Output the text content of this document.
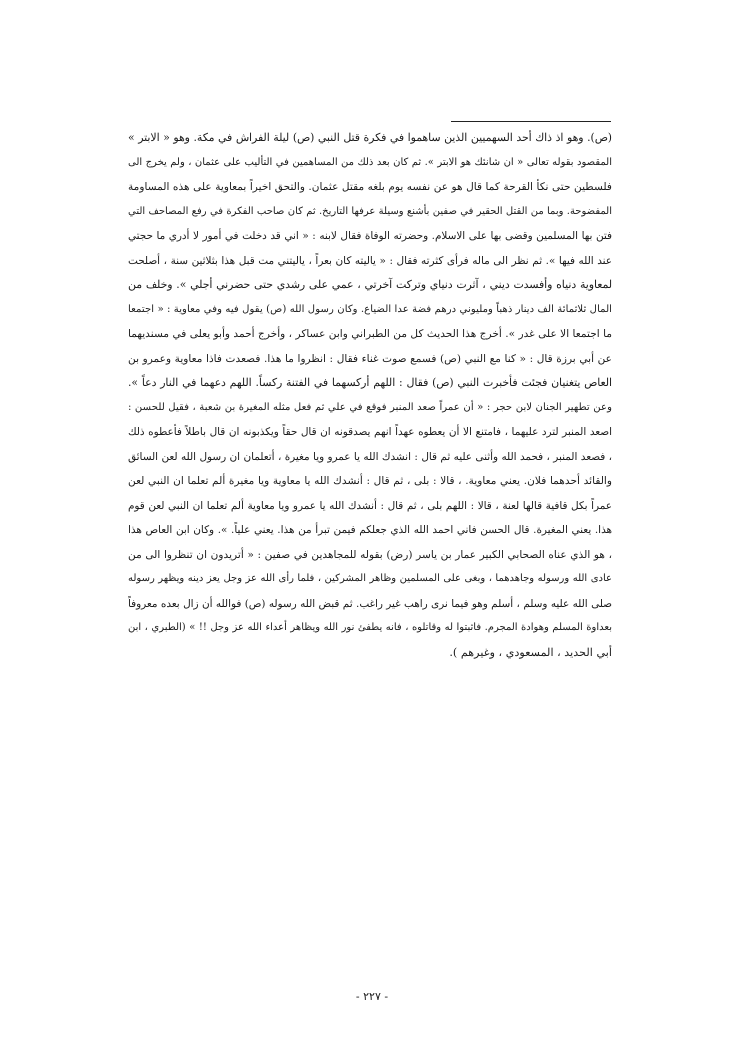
(ص). وهو اذ ذاك أحد السهميين الذين ساهموا في فكرة قتل النبي (ص) ليلة الفراش في مكة. وهو « الابتر »
المقصود بقوله تعالى « ان شانئك هو الابتر ». ثم كان بعد ذلك من المساهمين في التأليب على عثمان ، ولم يخرج الى
فلسطين حتى نكأ القرحة كما قال هو عن نفسه يوم بلغه مقتل عثمان. والتحق اخيراً بمعاوية على هذه المساومة
المفضوحة. وبما من القتل الحقير في صفين بأشنع وسيلة عرفها التاريخ. ثم كان صاحب الفكرة في رفع المصاحف التي
فتن بها المسلمين وقضى بها على الاسلام. وحضرته الوفاة فقال لابنه : « اني قد دخلت في أمور لا أدري ما حجتي
عند الله فيها ». ثم نظر الى ماله فرأى كثرته فقال : « ياليته كان بعراً ، ياليتني مت قبل هذا بثلاثين سنة ، أصلحت
لمعاوية دنياه وأفسدت ديني ، آثرت دنياي وتركت آخرتي ، عمي على رشدي حتى حضرني أجلي ». وخلف من
المال ثلاثمائة الف دينار ذهباً ومليوني درهم فضة عدا الضياع. وكان رسول الله (ص) يقول فيه وفي معاوية : « اجتمعا
ما اجتمعا الا على غدر ». أخرج هذا الحديث كل من الطبراني وابن عساكر ، وأخرج أحمد وأبو يعلى في مسنديهما
عن أبي برزة قال : « كنا مع النبي (ص) فسمع صوت غناء فقال : انظروا ما هذا. فصعدت فاذا معاوية وعمرو بن
العاص يتغنيان فجئت فأخبرت النبي (ص) فقال : اللهم أركسهما في الفتنة ركساً. اللهم دعهما في النار دعاً ».
وعن تطهير الجنان لابن حجر : « أن عمراً صعد المنبر فوقع في علي ثم فعل مثله المغيرة بن شعبة ، فقيل للحسن :
اصعد المنبر لترد عليهما ، فامتنع الا أن يعطوه عهداً انهم يصدقونه ان قال حقاً ويكذبونه ان قال باطلاً فأعطوه ذلك
، فصعد المنبر ، فحمد الله وأثنى عليه ثم قال : انشدك الله يا عمرو ويا مغيرة ، أتعلمان ان رسول الله لعن السائق
والقائد أحدهما فلان. يعني معاوية. ، قالا : بلى ، ثم قال : أنشدك الله يا معاوية ويا مغيرة ألم تعلما ان النبي لعن
عمراً بكل قافية قالها لعنة ، قالا : اللهم بلى ، ثم قال : أنشدك الله يا عمرو ويا معاوية ألم تعلما ان النبي لعن قوم
هذا. يعني المغيرة. قال الحسن فاني احمد الله الذي جعلكم فيمن تبرأ من هذا. يعني علياً. ». وكان ابن العاص هذا
، هو الذي عناه الصحابي الكبير عمار بن ياسر (رض) بقوله للمجاهدين في صفين : « أتريدون ان تنظروا الى من
عادى الله ورسوله وجاهدهما ، وبغى على المسلمين وظاهر المشركين ، فلما رأى الله عز وجل يعز دينه ويظهر رسوله
صلى الله عليه وسلم ، أسلم وهو فيما نرى راهب غير راغب. ثم قبض الله رسوله (ص) فوالله أن زال بعده معروفاً
بعداوة المسلم وهوادة المجرم. فاثبتوا له وقاتلوه ، فانه يطفئ نور الله ويظاهر أعداء الله عز وجل !! » (الطبري ، ابن
أبي الحديد ، المسعودي ، وغيرهم ).
- ٢٢٧ -
